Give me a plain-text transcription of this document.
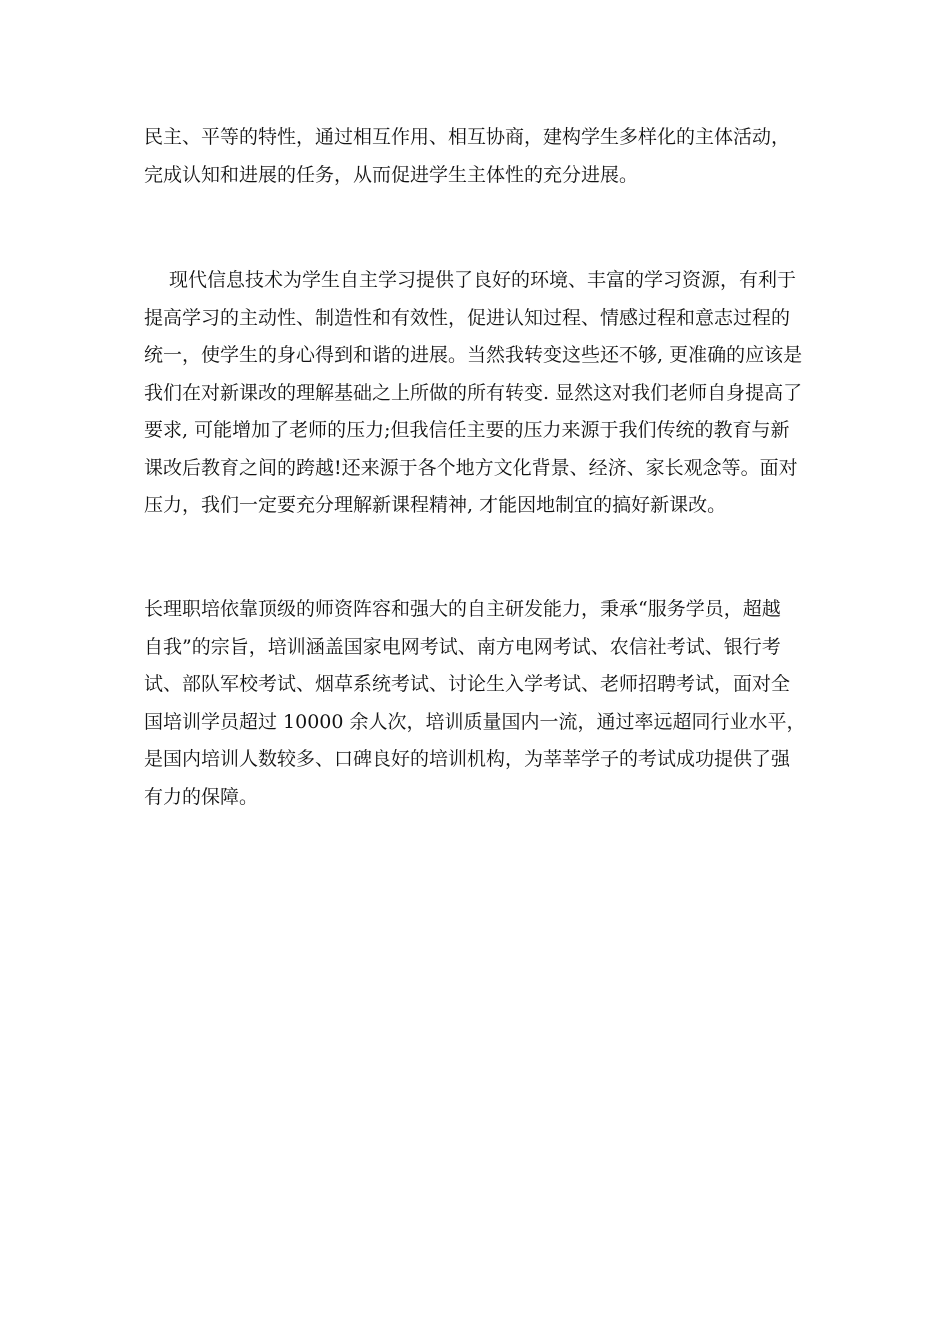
民主、平等的特性，通过相互作用、相互协商，建构学生多样化的主体活动，
完成认知和进展的任务，从而促进学生主体性的充分进展。
　 现代信息技术为学生自主学习提供了良好的环境、丰富的学习资源，有利于
提高学习的主动性、制造性和有效性，促进认知过程、情感过程和意志过程的
统一，使学生的身心得到和谐的进展。当然我转变这些还不够, 更准确的应该是
我们在对新课改的理解基础之上所做的所有转变. 显然这对我们老师自身提高了
要求, 可能增加了老师的压力;但我信任主要的压力来源于我们传统的教育与新
课改后教育之间的跨越!还来源于各个地方文化背景、经济、家长观念等。面对
压力，我们一定要充分理解新课程精神, 才能因地制宜的搞好新课改。
长理职培依靠顶级的师资阵容和强大的自主研发能力，秉承“服务学员，超越
自我”的宗旨，培训涵盖国家电网考试、南方电网考试、农信社考试、银行考
试、部队军校考试、烟草系统考试、讨论生入学考试、老师招聘考试，面对全
国培训学员超过 10000 余人次，培训质量国内一流，通过率远超同行业水平，
是国内培训人数较多、口碑良好的培训机构，为莘莘学子的考试成功提供了强
有力的保障。
